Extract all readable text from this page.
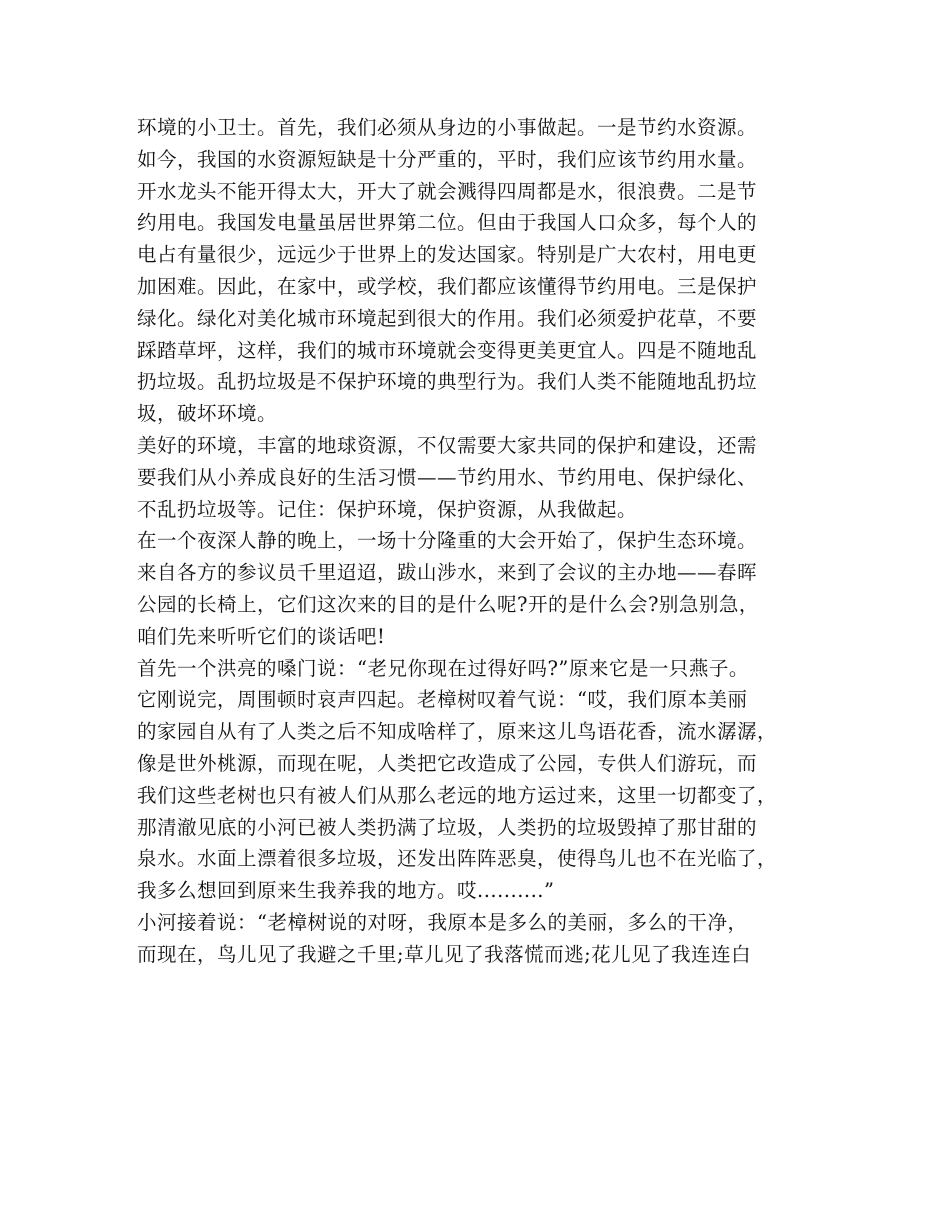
环境的小卫士。首先，我们必须从身边的小事做起。一是节约水资源。
如今，我国的水资源短缺是十分严重的，平时，我们应该节约用水量。
开水龙头不能开得太大，开大了就会溅得四周都是水，很浪费。二是节
约用电。我国发电量虽居世界第二位。但由于我国人口众多，每个人的
电占有量很少，远远少于世界上的发达国家。特别是广大农村，用电更
加困难。因此，在家中，或学校，我们都应该懂得节约用电。三是保护
绿化。绿化对美化城市环境起到很大的作用。我们必须爱护花草，不要
踩踏草坪，这样，我们的城市环境就会变得更美更宜人。四是不随地乱
扔垃圾。乱扔垃圾是不保护环境的典型行为。我们人类不能随地乱扔垃
圾，破坏环境。
美好的环境，丰富的地球资源，不仅需要大家共同的保护和建设，还需
要我们从小养成良好的生活习惯——节约用水、节约用电、保护绿化、
不乱扔垃圾等。记住：保护环境，保护资源，从我做起。
在一个夜深人静的晚上，一场十分隆重的大会开始了，保护生态环境。
来自各方的参议员千里迢迢，跋山涉水，来到了会议的主办地——春晖
公园的长椅上，它们这次来的目的是什么呢?开的是什么会?别急别急，
咱们先来听听它们的谈话吧!
首先一个洪亮的嗓门说：“老兄你现在过得好吗?”原来它是一只燕子。
它刚说完，周围顿时哀声四起。老樟树叹着气说：“哎，我们原本美丽
的家园自从有了人类之后不知成啥样了，原来这儿鸟语花香，流水潺潺，
像是世外桃源，而现在呢，人类把它改造成了公园，专供人们游玩，而
我们这些老树也只有被人们从那么老远的地方运过来，这里一切都变了，
那清澈见底的小河已被人类扔满了垃圾，人类扔的垃圾毁掉了那甘甜的
泉水。水面上漂着很多垃圾，还发出阵阵恶臭，使得鸟儿也不在光临了，
我多么想回到原来生我养我的地方。哎..........”
小河接着说：“老樟树说的对呀，我原本是多么的美丽，多么的干净，
而现在，鸟儿见了我避之千里;草儿见了我落慌而逃;花儿见了我连连白
